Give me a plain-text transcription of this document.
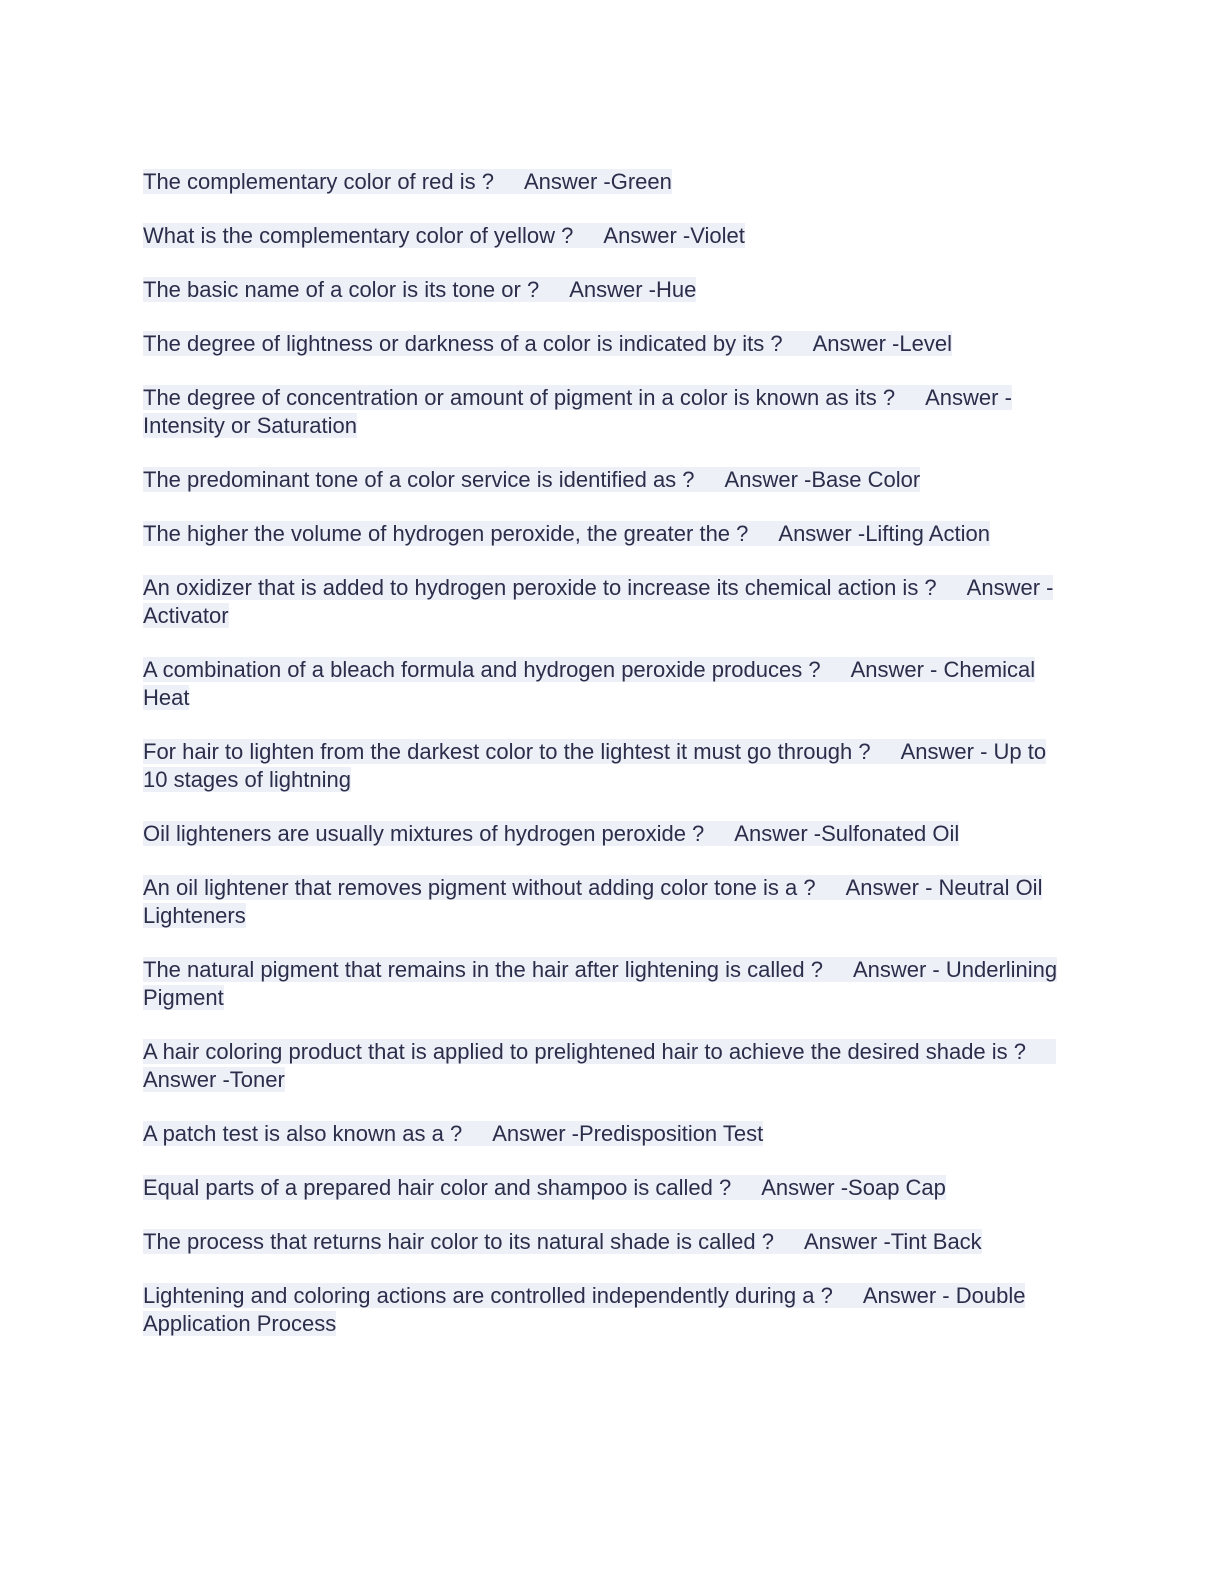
The complementary color of red is ? Answer -Green

What is the complementary color of yellow ? Answer -Violet

The basic name of a color is its tone or ? Answer -Hue

The degree of lightness or darkness of a color is indicated by its ? Answer -Level

The degree of concentration or amount of pigment in a color is known as its ? Answer -Intensity or Saturation

The predominant tone of a color service is identified as ? Answer -Base Color

The higher the volume of hydrogen peroxide, the greater the ? Answer -Lifting Action

An oxidizer that is added to hydrogen peroxide to increase its chemical action is ? Answer -Activator

A combination of a bleach formula and hydrogen peroxide produces ? Answer - Chemical Heat

For hair to lighten from the darkest color to the lightest it must go through ? Answer - Up to 10 stages of lightning

Oil lighteners are usually mixtures of hydrogen peroxide ? Answer -Sulfonated Oil

An oil lightener that removes pigment without adding color tone is a ? Answer - Neutral Oil Lighteners

The natural pigment that remains in the hair after lightening is called ? Answer - Underlining Pigment

A hair coloring product that is applied to prelightened hair to achieve the desired shade is ?Answer -Toner

A patch test is also known as a ? Answer -Predisposition Test

Equal parts of a prepared hair color and shampoo is called ? Answer -Soap Cap

The process that returns hair color to its natural shade is called ? Answer -Tint Back

Lightening and coloring actions are controlled independently during a ? Answer - Double Application Process
